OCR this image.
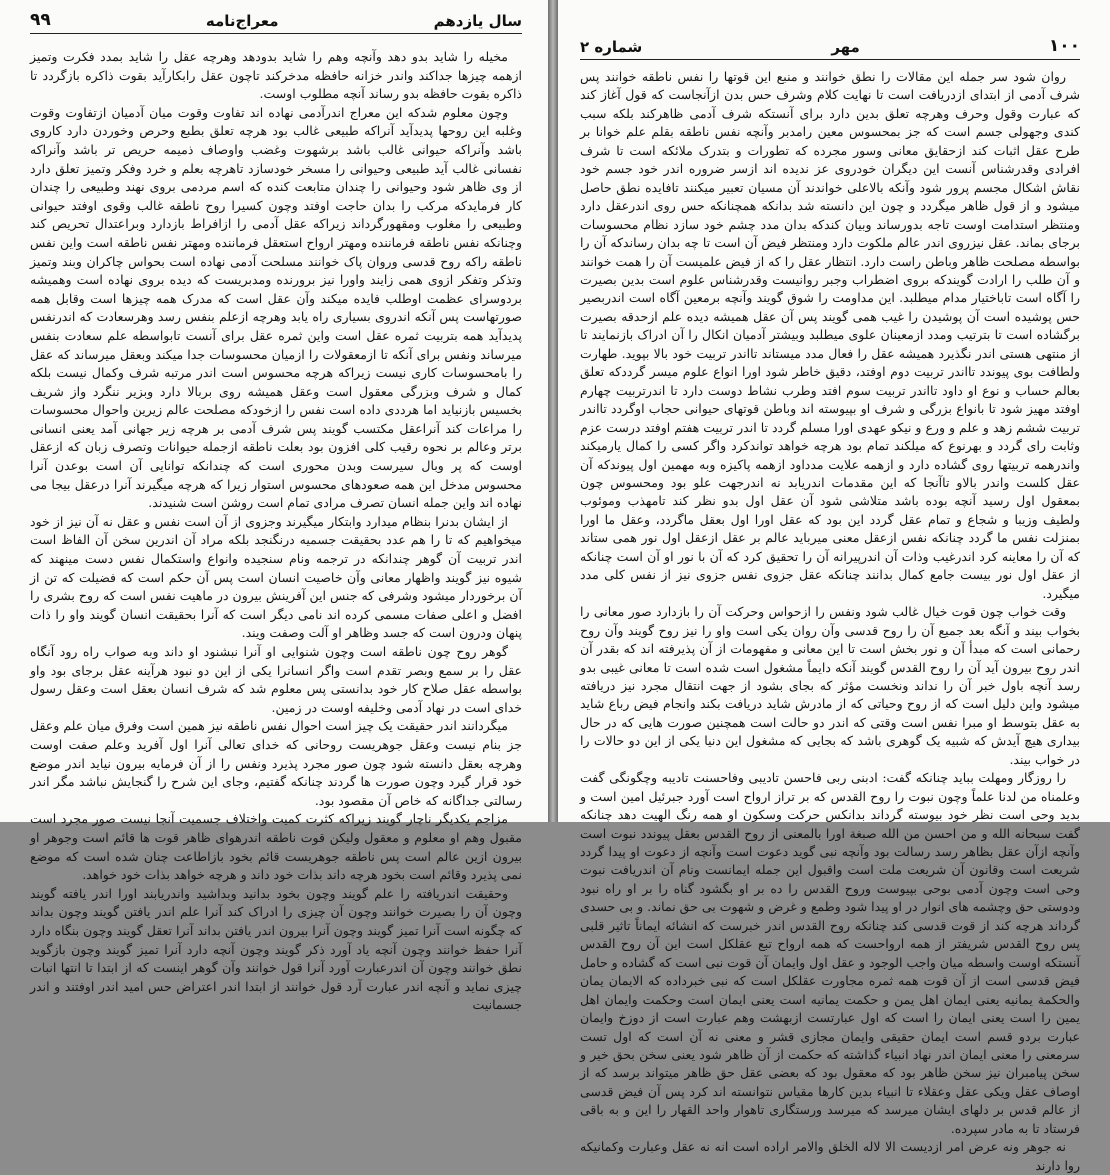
۹۹	معراج‌نامه	سال یازدهم

مخیله را شاید بدو دهد وآنچه وهم را شاید بدودهد وهرچه عقل را شاید بمدد فکرت وتمیز ازهمه چیزها جداکند واندر خزانه حافظه مدخرکند تاچون عقل رابکارآید بقوت ذاکره بازگردد تا ذاکره بقوت حافظه بدو رساند آنچه مطلوب اوست.

وچون معلوم شدکه این معراج اندرآدمی نهاده اند تفاوت وقوت میان آدمیان ازتفاوت وقوت وغلبه این روحها پدیدآید آنراکه طبیعی غالب بود هرچه تعلق بطبع وحرص وخوردن دارد کاروی باشد وآنراکه حیوانی غالب باشد برشهوت وغضب واوصاف ذمیمه حریص تر باشد وآنراکه نفسانی غالب آید طبیعی وحیوانی را مسخر خودسازد تاهرچه بعلم و خرد وفکر وتمیز تعلق دارد از وی ظاهر شود وحیوانی را چندان متابعت کنده که اسم مردمی بروی نهند وطبیعی را چندان کار فرمایدکه مرکب را بدان حاجت اوفتد وچون کسیرا روح ناطقه غالب وقوی اوفتد حیوانی وطبیعی را مغلوب ومقهورگرداند زیراکه عقل آدمی را ازافراط بازدارد وبراعتدال تحریص کند وچنانکه نفس ناطقه فرماننده ومهتر ارواح استعقل فرماننده ومهتر نفس ناطقه است واین نفس ناطقه راکه روح قدسی وروان پاک خوانند مسلحت آدمی نهاده است بحواس چاکران وبند وتمیز وتذکر وتفکر ازوی همی زایند واورا نیز برورنده ومدبریست که دیده بروی نهاده است وهمیشه بردوسرای عظمت اوطلب فایده میکند وآن عقل است که مدرک همه چیزها است وقابل همه صورتهاست پس آنکه اندروی بسیاری راه یابد وهرچه ازعلم بنفس رسد وهرسعادت که اندرنفس پدیدآید همه بتربیت ثمره عقل است واین ثمره عقل برای آنست تابواسطه علم سعادت بنفس میرساند ونفس برای آنکه تا ازمعقولات را ازمیان محسوسات جدا میکند وبعقل میرساند که عقل را بامحسوسات کاری نیست زیراکه هرچه محسوس است اندر مرتبه شرف وکمال نیست بلکه کمال و شرف وبزرگی معقول است وعقل همیشه روی بربالا دارد وبزیر ننگرد واز شریف بخسیس بازنیاید اما هرددی داده است نفس را ازخودکه مصلحت عالم زیرین واحوال محسوسات را مراعات کند آنراعقل مکتسب گویند پس شرف آدمی بر هرچه زیر جهانی آمد یعنی انسانی برتر وعالم بر نحوه رقیب کلی افزون بود بعلت ناطقه ازجمله حیوانات وتصرف زبان که ازعقل اوست که پر وبال سیرست وبدن محوری است که چندانکه توانایی آن است بوعدن آنرا محسوس مدخل این همه صعودهای محسوس استوار زیرا که هرچه میگیرند آنرا درعقل بیجا می نهاده اند واین جمله انسان تصرف مرادی تمام است روشن است شنیدند.

از ایشان بدنرا بنظام میدارد وابتکار میگیرند وجزوی از آن است نفس و عقل نه آن نیز از خود میخواهیم که تا را هم عدد بحقیقت جسمیه درنگنجد بلکه مراد آن اندرین سخن آن الفاظ است اندر تربیت آن گوهر چندانکه در ترجمه ونام سنجیده وانواع واستکمال نفس دست مینهند که شیوه نیز گویند واظهار معانی وآن خاصیت انسان است پس آن حکم است که فضیلت که تن از آن برخوردار میشود وشرفی که جنس این آفرینش بیرون در ماهیت نفس است که روح بشری را افضل و اعلی صفات مسمی کرده اند نامی دیگر است که آنرا بحقیقت انسان گویند واو را ذات پنهان ودرون است که جسد وظاهر او آلت وصفت ویند.

گوهر روح چون ناطقه است وچون شنوایی او آنرا نبشنود او داند وبه صواب راه رود آنگاه عقل را بر سمع وبصر تقدم است واگر انسانرا یکی از این دو نبود هرآینه عقل برجای بود واو بواسطه عقل صلاح کار خود بدانستی پس معلوم شد که شرف انسان بعقل است وعقل رسول خدای است در نهاد آدمی وخلیفه اوست در زمین.

میگردانند اندر حقیقت یک چیز است احوال نفس ناطقه نیز همین است وفرق میان علم وعقل جز بنام نیست وعقل جوهریست روحانی که خدای تعالی آنرا اول آفرید وعلم صفت اوست وهرچه بعقل دانسته شود چون صور مجرد پذیرد ونفس را از آن فرمایه بیرون نیاید اندر موضع خود قرار گیرد وچون صورت ها گردند چنانکه گفتیم، وجای این شرح را گنجایش نباشد مگر اندر رسالتی جداگانه که خاص آن مقصود بود.

مزاجم یکدیگر ناچار گویند زیراکه کثرت کمیت واختلاف جسمیت آنجا نیست صور مجرد است مقبول وهم او معلوم و معقول ولیکن قوت ناطقه اندرهوای ظاهر قوت ها قائم است وجوهر او بیرون ازین عالم است پس ناطقه جوهریست قائم بخود بازاطاعت چنان شده است که موضع نمی پذیرد وقائم است بخود هرچه داند بذات خود داند و هرچه خواهد بذات خود خواهد.

وحقیقت اندریافته را علم گویند وچون بخود بدانید وبداشید واندریابند اورا اندر یافته گویند وچون آن را بصیرت خوانند وچون آن چیزی را ادراک کند آنرا علم اندر یافتن گویند وچون بداند که چگونه است آنرا تمیز گویند وچون آنرا بیرون اندر یافتن بداند آنرا تعقل گویند وچون بنگاه دارد آنرا حفظ خوانند وچون آنچه یاد آورد ذکر گویند وچون آنچه دارد آنرا تمیز گویند وچون بازگوید نطق خوانند وچون آن اندرعبارت آورد آنرا قول خوانند وآن گوهر اینست که از ابتدا تا انتها انبات چیزی نماید و آنچه اندر عبارت آرد قول خوانند از ابتدا اندر اعتراض حس امید اندر اوفتند و اندر جسمانیت

شماره ۲	مهر	۱۰۰

روان شود سر جمله این مقالات را نطق خوانند و منبع این قوتها را نفس ناطقه خوانند پس شرف آدمی از ابتدای ازدریافت است تا نهایت کلام وشرف حس بدن ازآنجاست که قول آغاز کند که عبارت وقول وحرف وهرچه تعلق بدین دارد برای آنستکه شرف آدمی ظاهرکند بلکه سبب کندی وجهولی جسم است که جز بمحسوس معین رامدبر وآنچه نفس ناطقه بقلم علم خوانا بر طرح عقل اثبات کند ازحقایق معانی وسور مجرده که تطورات و بتدرک ملائکه است تا شرف افرادی وقدرشناس آنست این دیگران خودروی عز ندیده اند ازسر ضروره اندر خود جسم خود نقاش اشکال مجسم پرور شود وآنکه بالاعلی خواندند آن مسیان تعبیر میکنند تافایده نطق حاصل میشود و از قول ظاهر میگردد و چون این دانسته شد بدانکه همچنانکه حس روی اندرعقل دارد ومنتظر استدامت اوست تاجه بدورساند وبیان کندکه بدان مدد چشم خود سازد نظام محسوسات برجای بماند. عقل نیزروی اندر عالم ملکوت دارد ومنتظر فیض آن است تا چه بدان رساندکه آن را بواسطه مصلحت ظاهر وباطن راست دارد. انتظار عقل را که از فیض علمیست آن را همت خوانند و آن طلب را ارادت گویندکه بروی اضطراب وجبر روانیست وقدرشناس علوم است بدین بصیرت را آگاه است تاباختیار مدام میطلبد. این مداومت را شوق گویند وآنچه برمعین آگاه است اندربصیر حس پوشیده است آن پوشیدن را غیب همی گویند پس آن عقل همیشه دیده علم ازحدقه بصیرت برگشاده است تا بترتیب ومدد ازمعینان علوی میطلبد وبیشتر آدمیان انکال را آن ادراک بازنمایند تا از منتهی هستی اندر نگذیرد همیشه عقل را فعال مدد میستاند تااندر تربیت خود بالا بپوید. طهارت ولطافت بوی پیوندد تااندر تربیت دوم اوفتد، دقیق خاطر شود اورا انواع علوم میسر گرددکه تعلق بعالم حساب و نوع او داود تااندر تربیت سوم افتد وطرب نشاط دوست دارد تا اندرتربیت چهارم اوفتد مهیز شود تا بانواع بزرگی و شرف او بپیوسته اند وباطن قوتهای حیوانی حجاب اوگردد تااندر تربیت ششم زهد و علم و ورع و نیکو عهدی اورا مسلم گردد تا اندر تربیت هفتم اوفتد درست عزم وثابت رای گردد و بهرنوع که میلکند تمام بود هرچه خواهد تواندکرد واگر کسی را کمال یارمیکند واندرهمه تربیتها روی گشاده دارد و ازهمه علایت مدداود ازهمه پاکیزه وبه مهمین اول پیوندکه آن عقل کلست واندر بالاو تاآنجا که این مقدمات اندریابد نه اندرجهت علو بود ومحسوس چون بمعقول اول رسید آنچه بوده باشد متلاشی شود آن عقل اول بدو نظر کند تامهذب وموئوب ولطیف وزیبا و شجاع و تمام عقل گردد این بود که عقل اورا اول بعقل ماگردد، وعقل ما اورا بمنزلت نفس ما گردد چنانکه نفس ازعقل معنی میرباید عالم بر عقل ازعقل اول نور همی ستاند که آن را معاینه کرد اندرغیب وذات آن اندرپیرانه آن را تحقیق کرد که آن با نور او آن است چنانکه از عقل اول نور بیست جامع کمال بدانند چنانکه عقل جزوی نفس جزوی نیز از نفس کلی مدد میگیرد.

وقت خواب چون قوت خیال غالب شود ونفس را ازحواس وحرکت آن را بازدارد صور معانی را بخواب بیند و آنگه بعد جمیع آن را روح قدسی وآن روان یکی است واو را نیز روح گویند وآن روح رحمانی است که مبدأ آن و نور بخش است تا این معانی و مفهومات از آن پذیرفته اند که بقدر آن اندر روح بیرون آید آن را روح القدس گویند آنکه دایماً مشغول است شده است تا معانی غیبی بدو رسد آنچه باول خبر آن را نداند ونخست مؤثر که بجای بشود از جهت انتقال مجرد نیز دریافته میشود واین دلیل است که از روح وحیاتی که از مادرش شاید دریافت بکند وانجام فیض رباع شاید به عقل بتوسط او مبرا نفس است وقتی که اندر دو حالت است همچنین صورت هایی که در حال بیداری هیچ آیدش که شبیه یک گوهری باشد که بجایی که مشغول این دنیا یکی از این دو حالات را در خواب بیند.

را روزگار ومهلت بباید چنانکه گفت: ادبنی ربی فاحسن تادیبی وفاحسنت تادیبه وچگونگی گفت وعلمناه من لدنا علماً وچون نبوت را روح القدس که بر تراز ارواح است آورد جبرئیل امین است و بدید وحی است نظر خود بیوسته گرداند بدانکس حرکت وسکون او همه رنگ الهیت دهد چنانکه گفت سبحانه الله و من احسن من الله صبغة اورا بالمعنی از روح القدس بعقل پیوندد نبوت است وآنچه ازآن عقل بظاهر رسد رسالت بود وآنچه نبی گوید دعوت است وآنچه از دعوت او پیدا گردد شریعت است وقانون آن شریعت ملت است واقبول این جمله ایمانست ونام آن اندریافت نبوت وحی است وچون آدمی بوحی بپیوست وروح القدس را ده بر او بگشود گناه را بر او راه نبود ودوستی حق وچشمه های انوار در او پیدا شود وطمع و غرض و شهوت بی حق نماند. و بی حسدی گرداند هرچه کند از قوت قدسی کند چنانکه روح القدس اندر خبرست که انشائه ایماناً تاثیر قلبی پس روح القدس شریفتر از همه ارواحست که همه ارواح تبع عقلکل است این آن روح القدس آنستکه اوست واسطه میان واجب الوجود و عقل اول وایمان آن قوت نبی است که گشاده و حامل فیض قدسی است از آن قوت همه ثمره مجاورت عقلکل است که نبی خبرداده که الایمان یمان والحکمة یمانیه یعنی ایمان اهل یمن و حکمت یمانیه است یعنی ایمان است وحکمت وایمان اهل یمین را است یعنی ایمان را است که اول عبارتست ازبهشت وهم عبارت است از دوزخ وایمان عبارت بردو قسم است ایمان حقیقی وایمان مجازی قشر و معنی نه آن است که اول تست سرمعنی را معنی ایمان اندر نهاد انبیاء گذاشته که حکمت از آن ظاهر شود یعنی سخن بحق خیر و سخن پیامبران نیز سخن ظاهر بود که معقول بود که بعضی عقل حق ظاهر میتواند برسد که از اوصاف عقل ویکی عقل وعقلاء تا انبیاء بدین کارها مقیاس نتوانسته اند کرد پس آن فیض قدسی از عالم قدس بر دلهای ایشان میرسد که میرسد ورستگاری تاهوار واحد القهار را این و به باقی فرستاد تا به مادر سپرده.

نه جوهر ونه عرض امر ازدیست الا لاله الخلق والامر اراده است انه نه عقل وعبارت وکمانیکه روا دارند
